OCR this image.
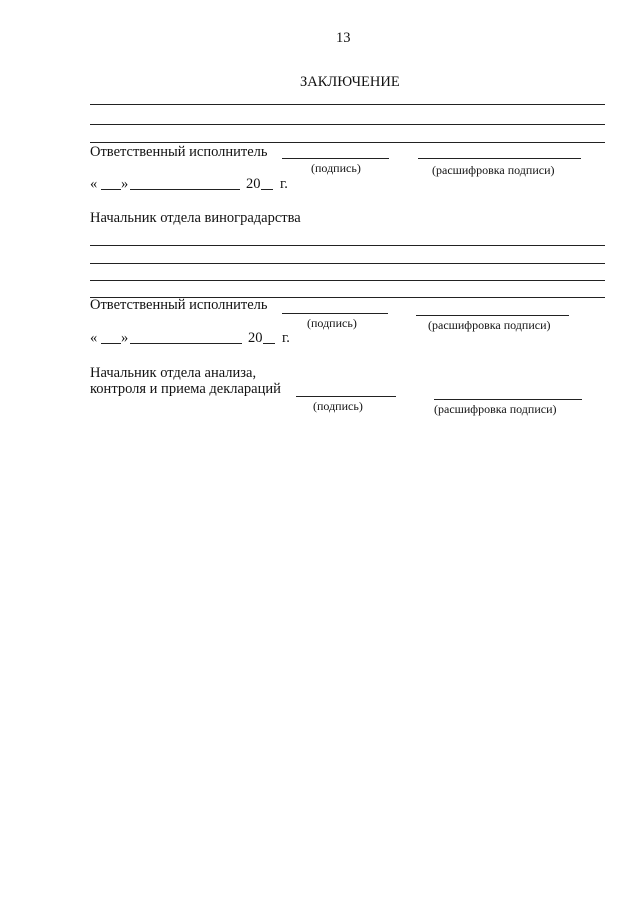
13
ЗАКЛЮЧЕНИЕ
Ответственный исполнитель
(подпись)	(расшифровка подписи)
« »	20 г.
Начальник отдела виноградарства
Ответственный исполнитель
(подпись)	(расшифровка подписи)
« »	20 г.
Начальник отдела анализа,
контроля и приема деклараций
(подпись)	(расшифровка подписи)
